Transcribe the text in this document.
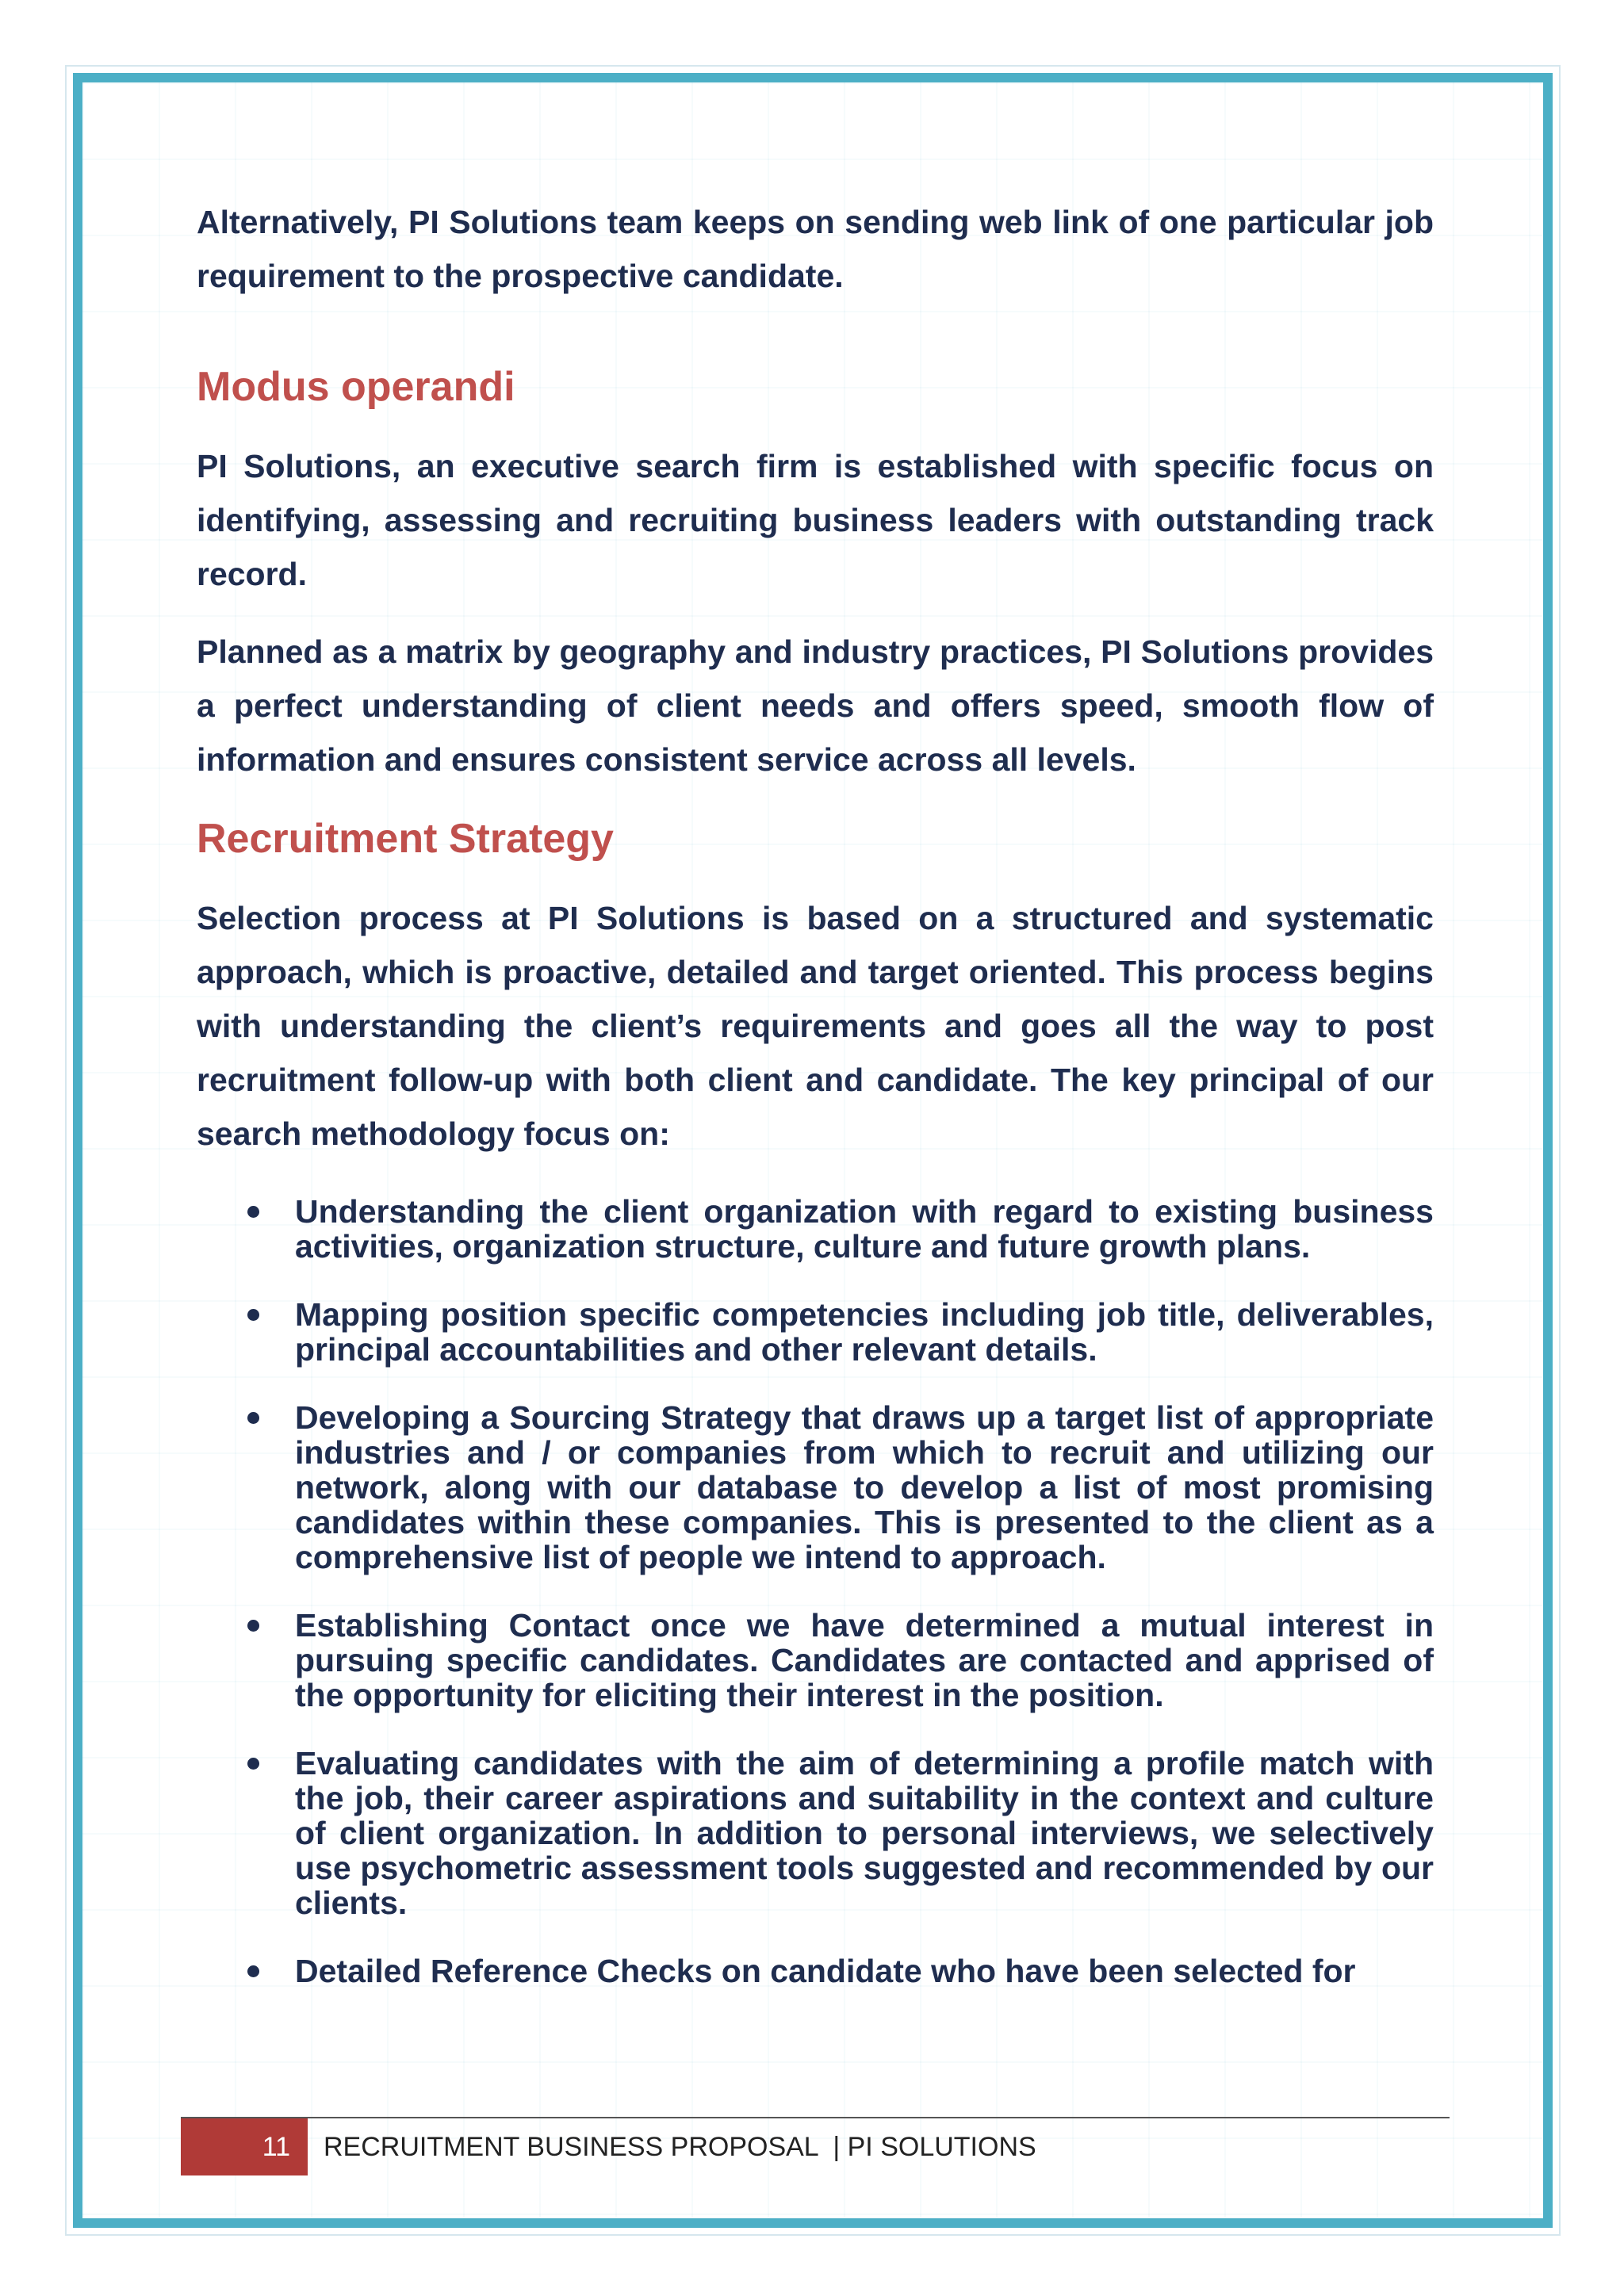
Alternatively, PI Solutions team keeps on sending web link of one particular job requirement to the prospective candidate.

Modus operandi

PI Solutions, an executive search firm is established with specific focus on identifying, assessing and recruiting business leaders with outstanding track record.

Planned as a matrix by geography and industry practices, PI Solutions provides a perfect understanding of client needs and offers speed, smooth flow of information and ensures consistent service across all levels.

Recruitment Strategy

Selection process at PI Solutions is based on a structured and systematic approach, which is proactive, detailed and target oriented. This process begins with understanding the client’s requirements and goes all the way to post recruitment follow-up with both client and candidate. The key principal of our search methodology focus on:

Understanding the client organization with regard to existing business activities, organization structure, culture and future growth plans.
Mapping position specific competencies including job title, deliverables, principal accountabilities and other relevant details.
Developing a Sourcing Strategy that draws up a target list of appropriate industries and / or companies from which to recruit and utilizing our network, along with our database to develop a list of most promising candidates within these companies. This is presented to the client as a comprehensive list of people we intend to approach.
Establishing Contact once we have determined a mutual interest in pursuing specific candidates. Candidates are contacted and apprised of the opportunity for eliciting their interest in the position.
Evaluating candidates with the aim of determining a profile match with the job, their career aspirations and suitability in the context and culture of client organization. In addition to personal interviews, we selectively use psychometric assessment tools suggested and recommended by our clients.
Detailed Reference Checks on candidate who have been selected for
11	RECRUITMENT BUSINESS PROPOSAL  | PI SOLUTIONS
